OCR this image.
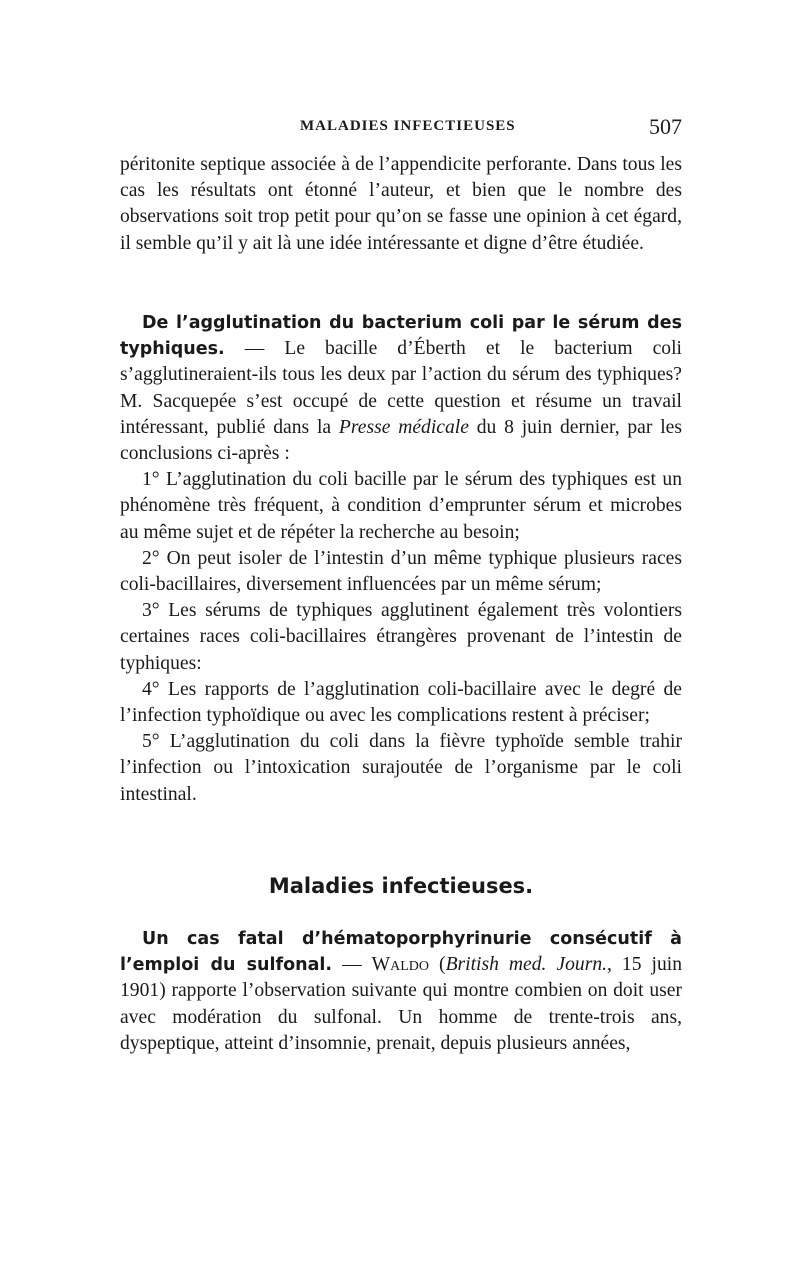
MALADIES INFECTIEUSES	507

péritonite septique associée à de l’appendicite perforante. Dans tous les cas les résultats ont étonné l’auteur, et bien que le nombre des observations soit trop petit pour qu’on se fasse une opinion à cet égard, il semble qu’il y ait là une idée intéressante et digne d’être étudiée.

De l’agglutination du bacterium coli par le sérum des typhiques. — Le bacille d’Éberth et le bacterium coli s’agglutineraient-ils tous les deux par l’action du sérum des typhiques? M. Sacquepée s’est occupé de cette question et résume un travail intéressant, publié dans la Presse médicale du 8 juin dernier, par les conclusions ci-après :

1° L’agglutination du coli bacille par le sérum des typhiques est un phénomène très fréquent, à condition d’emprunter sérum et microbes au même sujet et de répéter la recherche au besoin;

2° On peut isoler de l’intestin d’un même typhique plusieurs races coli-bacillaires, diversement influencées par un même sérum;

3° Les sérums de typhiques agglutinent également très volontiers certaines races coli-bacillaires étrangères provenant de l’intestin de typhiques:

4° Les rapports de l’agglutination coli-bacillaire avec le degré de l’infection typhoïdique ou avec les complications restent à préciser;

5° L’agglutination du coli dans la fièvre typhoïde semble trahir l’infection ou l’intoxication surajoutée de l’organisme par le coli intestinal.

Maladies infectieuses.

Un cas fatal d’hématoporphyrinurie consécutif à l’emploi du sulfonal. — Waldo (British med. Journ., 15 juin 1901) rapporte l’observation suivante qui montre combien on doit user avec modération du sulfonal. Un homme de trente-trois ans, dyspeptique, atteint d’insomnie, prenait, depuis plusieurs années,
